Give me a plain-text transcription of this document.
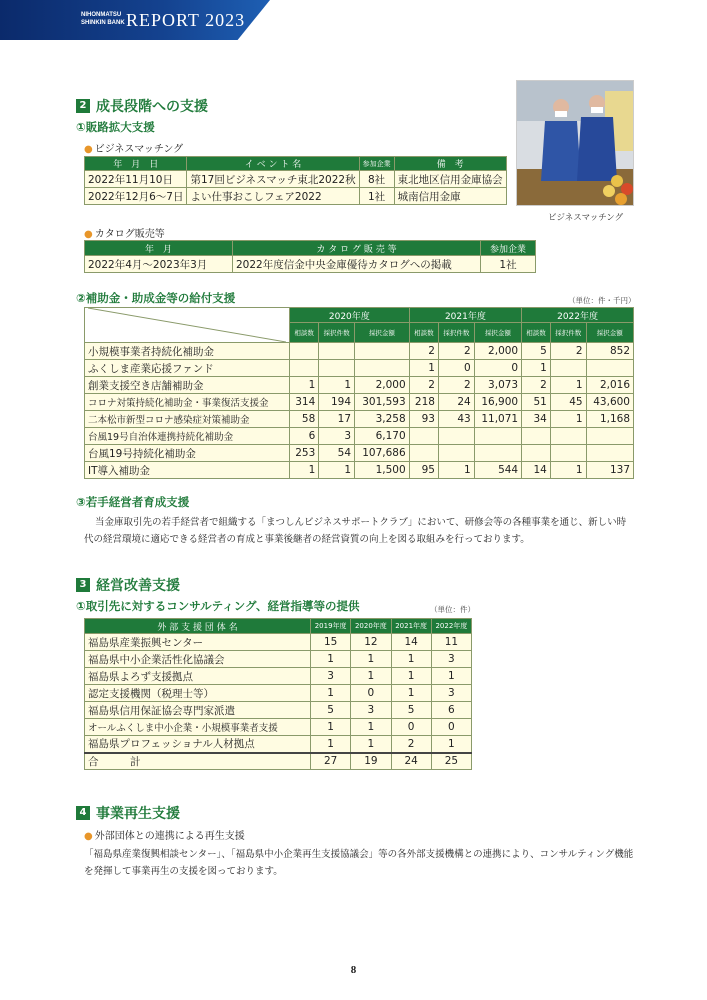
NIHONMATSU
SHINKIN BANK REPORT 2023
2 成長段階への支援
①販路拡大支援
● ビジネスマッチング
年　月　日	イ ベ ン ト 名	参加企業	備　考
2022年11月10日	第17回ビジネスマッチ東北2022秋	8社	東北地区信用金庫協会
2022年12月6～7日	よい仕事おこしフェア2022	1社	城南信用金庫
ビジネスマッチング
● カタログ販売等
年　月	カ タ ロ グ 販 売 等	参加企業
2022年4月～2023年3月	2022年度信金中央金庫優待カタログへの掲載	1社
②補助金・助成金等の給付支援	（単位：件・千円）
	2020年度			2021年度			2022年度		
	相談数	採択件数	採択金額	相談数	採択件数	採択金額	相談数	採択件数	採択金額
小規模事業者持続化補助金				2	2	2,000	5	2	852
ふくしま産業応援ファンド				1	0	0	1		
創業支援空き店舗補助金	1	1	2,000	2	2	3,073	2	1	2,016
コロナ対策持続化補助金・事業復活支援金	314	194	301,593	218	24	16,900	51	45	43,600
二本松市新型コロナ感染症対策補助金	58	17	3,258	93	43	11,071	34	1	1,168
台風19号自治体連携持続化補助金	6	3	6,170						
台風19号持続化補助金	253	54	107,686						
IT導入補助金	1	1	1,500	95	1	544	14	1	137
③若手経営者育成支援
当金庫取引先の若手経営者で組織する「まつしんビジネスサポートクラブ」において、研修会等の各種事業を通じ、新しい時代の経営環境に適応できる経営者の育成と事業後継者の経営資質の向上を図る取組みを行っております。
3 経営改善支援
①取引先に対するコンサルティング、経営指導等の提供	（単位：件）
外 部 支 援 団 体 名	2019年度	2020年度	2021年度	2022年度
福島県産業振興センター	15	12	14	11
福島県中小企業活性化協議会	1	1	1	3
福島県よろず支援拠点	3	1	1	1
認定支援機関（税理士等）	1	0	1	3
福島県信用保証協会専門家派遣	5	3	5	6
オールふくしま中小企業・小規模事業者支援	1	1	0	0
福島県プロフェッショナル人材拠点	1	1	2	1
合　　　計	27	19	24	25
4 事業再生支援
● 外部団体との連携による再生支援
「福島県産業復興相談センター」、「福島県中小企業再生支援協議会」等の各外部支援機構との連携により、コンサルティング機能を発揮して事業再生の支援を図っております。
8
